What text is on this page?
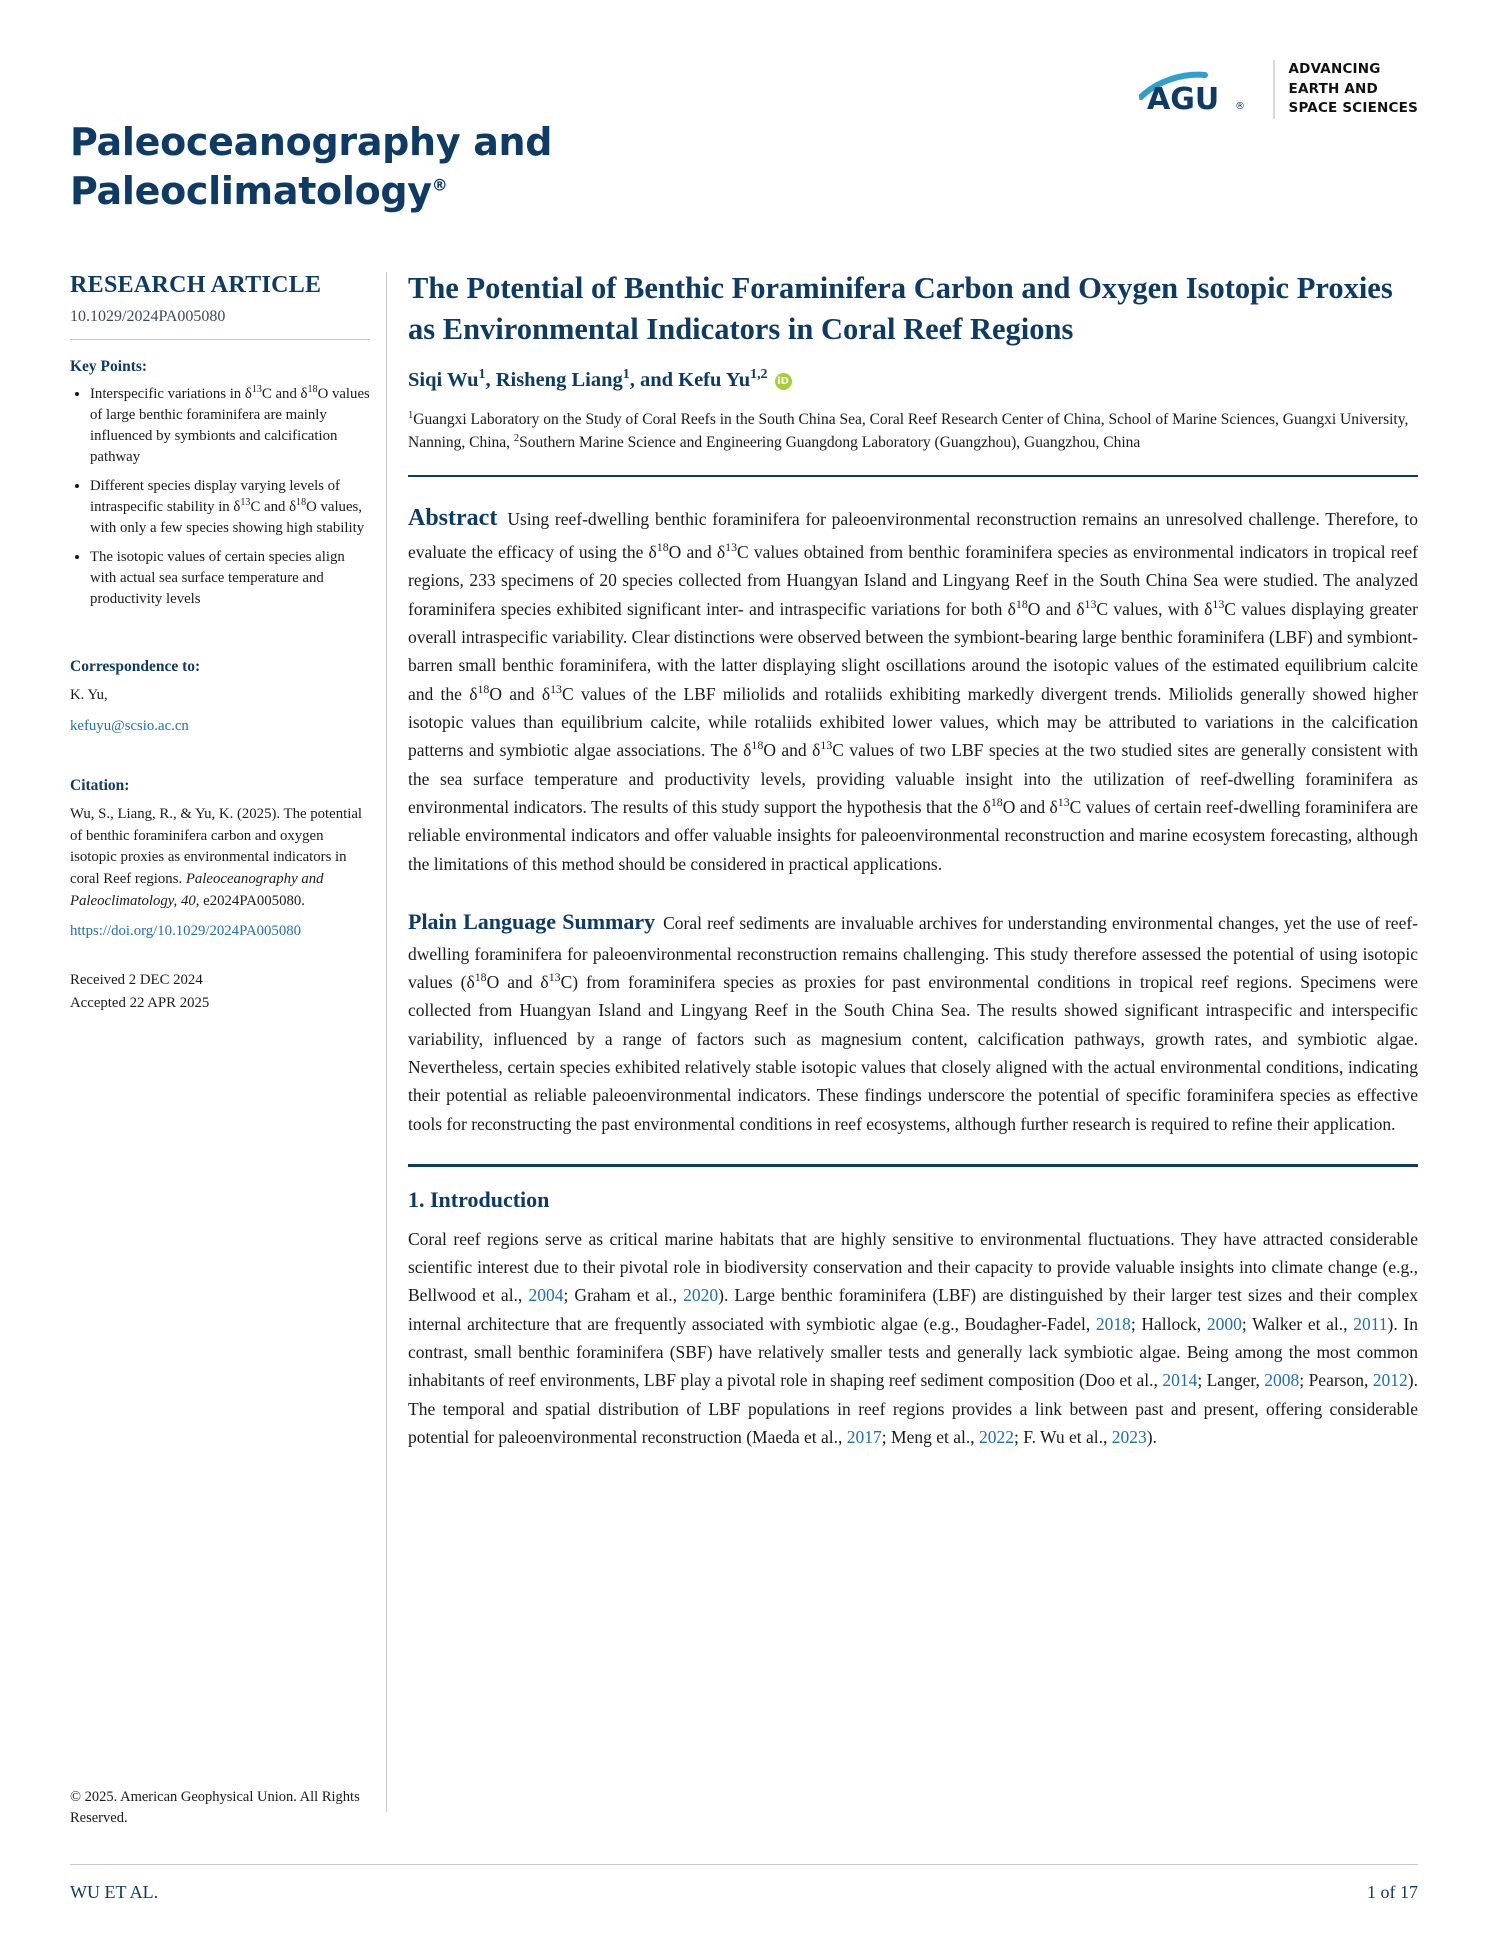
Paleoceanography and
Paleoclimatology®
AGU ®
ADVANCING
EARTH AND
SPACE SCIENCES
RESEARCH ARTICLE
10.1029/2024PA005080
Key Points:
• Interspecific variations in $\delta^{13}C$ and $\delta^{18}O$ values of large benthic foraminifera are mainly influenced by symbionts and calcification pathway
• Different species display varying levels of intraspecific stability in $\delta^{13}C$ and $\delta^{18}O$ values, with only a few species showing high stability
• The isotopic values of certain species align with actual sea surface temperature and productivity levels
Correspondence to:
K. Yu,
kefuyu@scsio.ac.cn
Citation:
Wu, S., Liang, R., & Yu, K. (2025). The potential of benthic foraminifera carbon and oxygen isotopic proxies as environmental indicators in coral Reef regions. Paleoceanography and Paleoclimatology, 40, e2024PA005080.
https://doi.org/10.1029/2024PA005080
Received 2 DEC 2024
Accepted 22 APR 2025
© 2025. American Geophysical Union. All Rights Reserved.
The Potential of Benthic Foraminifera Carbon and Oxygen Isotopic Proxies as Environmental Indicators in Coral Reef Regions
Siqi Wu$^1$, Risheng Liang$^1$, and Kefu Yu$^{1,2}$
iD
$^1$Guangxi Laboratory on the Study of Coral Reefs in the South China Sea, Coral Reef Research Center of China, School of Marine Sciences, Guangxi University, Nanning, China, $^2$Southern Marine Science and Engineering Guangdong Laboratory (Guangzhou), Guangzhou, China
Abstract Using reef-dwelling benthic foraminifera for paleoenvironmental reconstruction remains an unresolved challenge. Therefore, to evaluate the efficacy of using the $\delta^{18}O$ and $\delta^{13}C$ values obtained from benthic foraminifera species as environmental indicators in tropical reef regions, 233 specimens of 20 species collected from Huangyan Island and Lingyang Reef in the South China Sea were studied. The analyzed foraminifera species exhibited significant inter- and intraspecific variations for both $\delta^{18}O$ and $\delta^{13}C$ values, with $\delta^{13}C$ values displaying greater overall intraspecific variability. Clear distinctions were observed between the symbiont-bearing large benthic foraminifera (LBF) and symbiont-barren small benthic foraminifera, with the latter displaying slight oscillations around the isotopic values of the estimated equilibrium calcite and the $\delta^{18}O$ and $\delta^{13}C$ values of the LBF miliolids and rotaliids exhibiting markedly divergent trends. Miliolids generally showed higher isotopic values than equilibrium calcite, while rotaliids exhibited lower values, which may be attributed to variations in the calcification patterns and symbiotic algae associations. The $\delta^{18}O$ and $\delta^{13}C$ values of two LBF species at the two studied sites are generally consistent with the sea surface temperature and productivity levels, providing valuable insight into the utilization of reef-dwelling foraminifera as environmental indicators. The results of this study support the hypothesis that the $\delta^{18}O$ and $\delta^{13}C$ values of certain reef-dwelling foraminifera are reliable environmental indicators and offer valuable insights for paleoenvironmental reconstruction and marine ecosystem forecasting, although the limitations of this method should be considered in practical applications.
Plain Language Summary Coral reef sediments are invaluable archives for understanding environmental changes, yet the use of reef-dwelling foraminifera for paleoenvironmental reconstruction remains challenging. This study therefore assessed the potential of using isotopic values ($\delta^{18}O$ and $\delta^{13}C$) from foraminifera species as proxies for past environmental conditions in tropical reef regions. Specimens were collected from Huangyan Island and Lingyang Reef in the South China Sea. The results showed significant intraspecific and interspecific variability, influenced by a range of factors such as magnesium content, calcification pathways, growth rates, and symbiotic algae. Nevertheless, certain species exhibited relatively stable isotopic values that closely aligned with the actual environmental conditions, indicating their potential as reliable paleoenvironmental indicators. These findings underscore the potential of specific foraminifera species as effective tools for reconstructing the past environmental conditions in reef ecosystems, although further research is required to refine their application.
1. Introduction
Coral reef regions serve as critical marine habitats that are highly sensitive to environmental fluctuations. They have attracted considerable scientific interest due to their pivotal role in biodiversity conservation and their capacity to provide valuable insights into climate change (e.g., Bellwood et al., 2004; Graham et al., 2020). Large benthic foraminifera (LBF) are distinguished by their larger test sizes and their complex internal architecture that are frequently associated with symbiotic algae (e.g., Boudagher-Fadel, 2018; Hallock, 2000; Walker et al., 2011). In contrast, small benthic foraminifera (SBF) have relatively smaller tests and generally lack symbiotic algae. Being among the most common inhabitants of reef environments, LBF play a pivotal role in shaping reef sediment composition (Doo et al., 2014; Langer, 2008; Pearson, 2012). The temporal and spatial distribution of LBF populations in reef regions provides a link between past and present, offering considerable potential for paleoenvironmental reconstruction (Maeda et al., 2017; Meng et al., 2022; F. Wu et al., 2023).
WU ET AL.	1 of 17
